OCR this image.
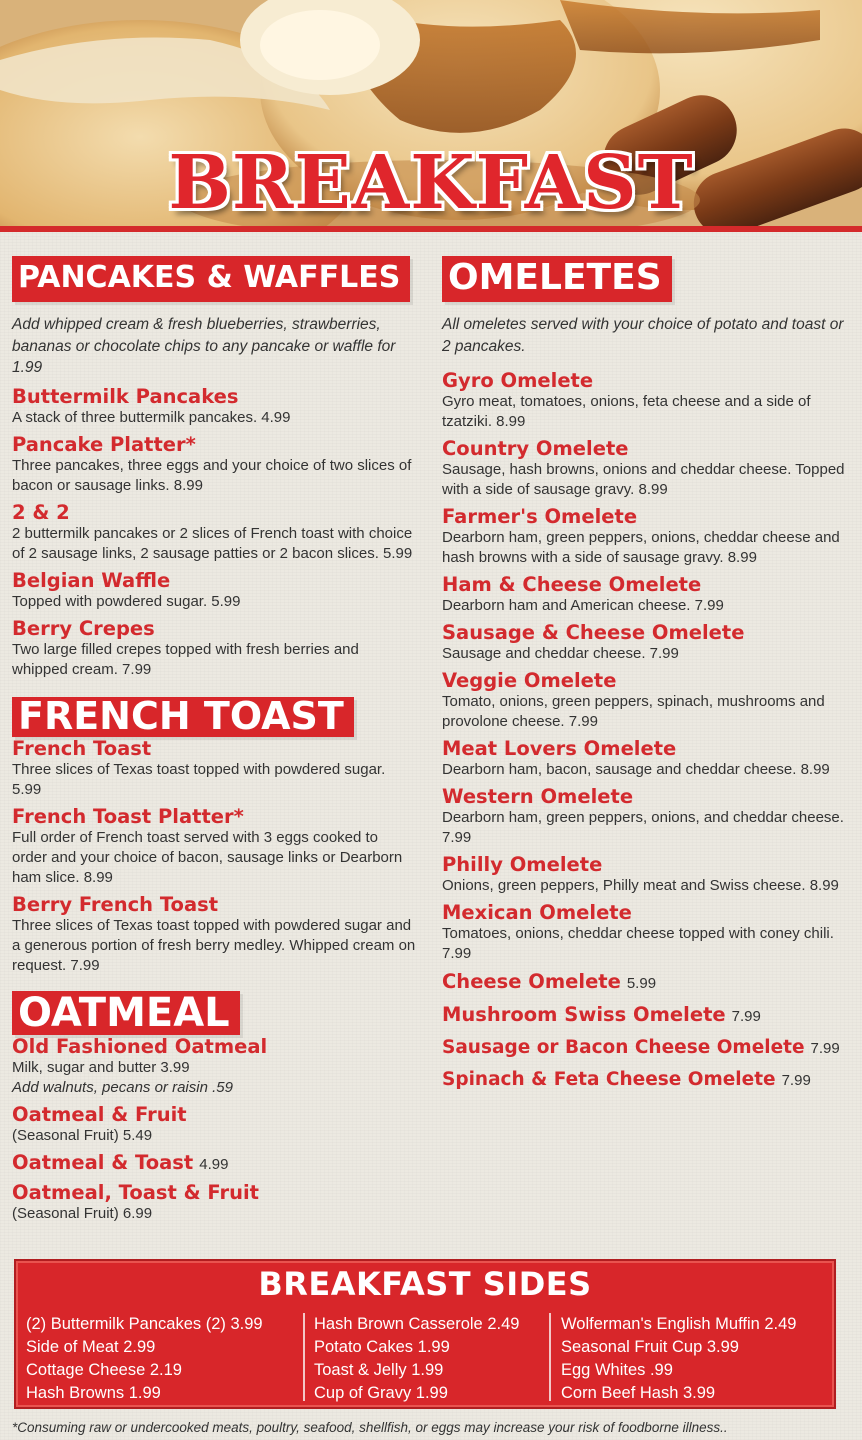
BREAKFAST
PANCAKES & WAFFLES
Add whipped cream & fresh blueberries, strawberries, bananas or chocolate chips to any pancake or waffle for 1.99
Buttermilk Pancakes
A stack of three buttermilk pancakes. 4.99
Pancake Platter*
Three pancakes, three eggs and your choice of two slices of bacon or sausage links. 8.99
2 & 2
2 buttermilk pancakes or 2 slices of French toast with choice of 2 sausage links, 2 sausage patties or 2 bacon slices. 5.99
Belgian Waffle
Topped with powdered sugar. 5.99
Berry Crepes
Two large filled crepes topped with fresh berries and whipped cream. 7.99
FRENCH TOAST
French Toast
Three slices of Texas toast topped with powdered sugar. 5.99
French Toast Platter*
Full order of French toast served with 3 eggs cooked to order and your choice of bacon, sausage links or Dearborn ham slice. 8.99
Berry French Toast
Three slices of Texas toast topped with powdered sugar and a generous portion of fresh berry medley. Whipped cream on request. 7.99
OATMEAL
Old Fashioned Oatmeal
Milk, sugar and butter 3.99
Add walnuts, pecans or raisin .59
Oatmeal & Fruit
(Seasonal Fruit) 5.49
Oatmeal & Toast 4.99
Oatmeal, Toast & Fruit
(Seasonal Fruit) 6.99
OMELETES
All omeletes served with your choice of potato and toast or 2 pancakes.
Gyro Omelete
Gyro meat, tomatoes, onions, feta cheese and a side of tzatziki. 8.99
Country Omelete
Sausage, hash browns, onions and cheddar cheese. Topped with a side of sausage gravy. 8.99
Farmer's Omelete
Dearborn ham, green peppers, onions, cheddar cheese and hash browns with a side of sausage gravy. 8.99
Ham & Cheese Omelete
Dearborn ham and American cheese. 7.99
Sausage & Cheese Omelete
Sausage and cheddar cheese. 7.99
Veggie Omelete
Tomato, onions, green peppers, spinach, mushrooms and provolone cheese. 7.99
Meat Lovers Omelete
Dearborn ham, bacon, sausage and cheddar cheese. 8.99
Western Omelete
Dearborn ham, green peppers, onions, and cheddar cheese. 7.99
Philly Omelete
Onions, green peppers, Philly meat and Swiss cheese. 8.99
Mexican Omelete
Tomatoes, onions, cheddar cheese topped with coney chili. 7.99
Cheese Omelete 5.99
Mushroom Swiss Omelete 7.99
Sausage or Bacon Cheese Omelete 7.99
Spinach & Feta Cheese Omelete 7.99
BREAKFAST SIDES
(2) Buttermilk Pancakes (2) 3.99
Side of Meat 2.99
Cottage Cheese 2.19
Hash Browns 1.99
Hash Brown Casserole 2.49
Potato Cakes 1.99
Toast & Jelly 1.99
Cup of Gravy 1.99
Wolferman's English Muffin 2.49
Seasonal Fruit Cup 3.99
Egg Whites .99
Corn Beef Hash 3.99
*Consuming raw or undercooked meats, poultry, seafood, shellfish, or eggs may increase your risk of foodborne illness..
